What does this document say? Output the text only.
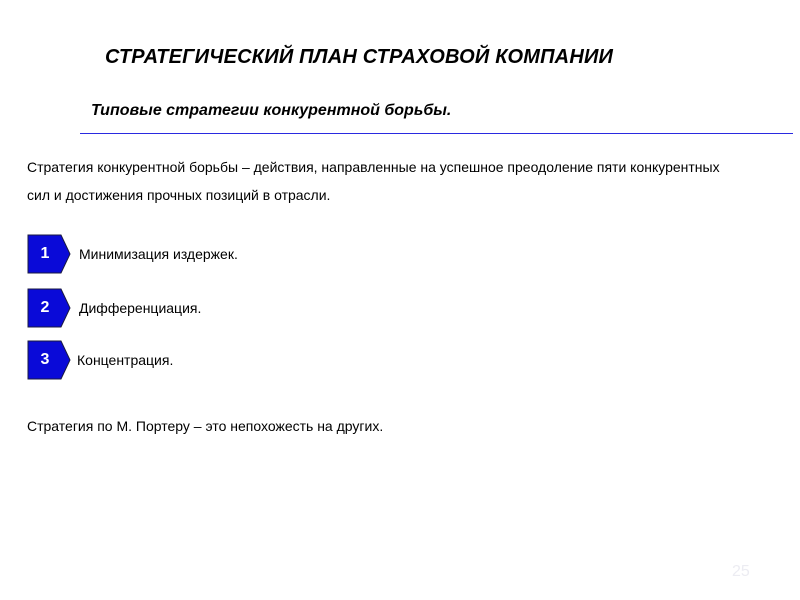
СТРАТЕГИЧЕСКИЙ ПЛАН СТРАХОВОЙ КОМПАНИИ
Типовые стратегии конкурентной борьбы.
Стратегия конкурентной борьбы – действия, направленные на успешное преодоление пяти конкурентных сил и достижения прочных позиций в отрасли.
1	Минимизация издержек.
2	Дифференциация.
3	Концентрация.
Стратегия по М. Портеру – это непохожесть на других.
25
